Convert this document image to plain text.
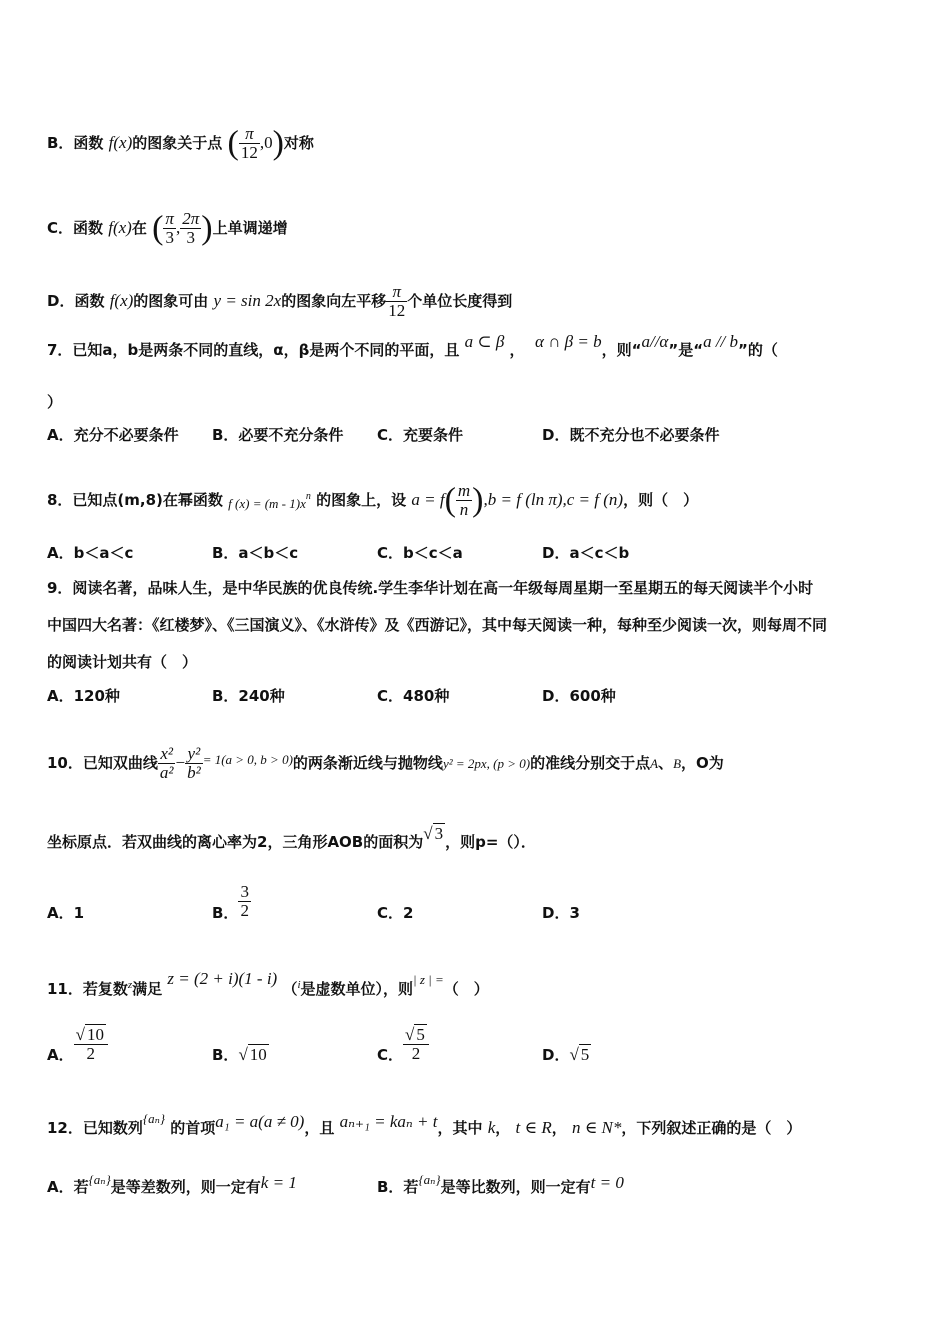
B．函数 f(x)的图象关于点 ( $\frac{\pi}{12} ,0$)对称
C．函数 f(x)在 ( $\frac{\pi}{3}$ , $\frac{2\pi}{3}$ )上单调递增
D．函数 f(x)的图象可由 y = sin 2x的图象向左平移 $\frac{\pi}{12}$ 个单位长度得到
7．已知a，b是两条不同的直线，α，β是两个不同的平面，且 a ⊂ β ，  α ∩ β = b，则“a//α”是“a // b”的（
）
A．充分不必要条件 B．必要不充分条件 C．充要条件	D．既不充分也不必要条件
8．已知点(m,8)在幂函数 f $(x) = (m - 1)x^n$ 的图象上，设 $a = f( \frac{m}{n} ),b = f$ (ln π),c = f (n)，则（　）
A．b＜a＜c	B．a＜b＜c	C．b＜c＜a	D．a＜c＜b
9．阅读名著，品味人生，是中华民族的优良传统.学生李华计划在高一年级每周星期一至星期五的每天阅读半个小时
中国四大名著：《红楼梦》、《三国演义》、《水浒传》及《西游记》，其中每天阅读一种，每种至少阅读一次，则每周不同
的阅读计划共有（　）
A．120种	B．240种	C．480种	D．600种
10．已知双曲线 $\frac{\text{x²}}{\text{a²}} - \frac{\text{y²}}{\text{b²}} = 1(a > 0$, b > 0)的两条渐近线与抛物线y² = 2px, (p > 0)的准线分别交于点A、B，O为
坐标原点．若双曲线的离心率为2，三角形AOB的面积为√ 3 ，则p=（）．
A．1	B． $\frac{3}{2}$	C．2	D．3
11．若复数$^z$满足 z = (2 + i)(1 - i) （$^i$是虚数单位），则| z | =（　）
A． $\frac{√ 10}{2}$	B．√ 10	C． $\frac{√ 5}{2}$	D．√ 5
12．已知数列{aₙ} 的首项a₁ = a(a ≠ 0)，且 aₙ₊₁ = kaₙ + t，其中 k， t ∈ R， n ∈ N*，下列叙述正确的是（　）
A．若{aₙ}是等差数列，则一定有k = 1	B．若{aₙ}是等比数列，则一定有t = 0
